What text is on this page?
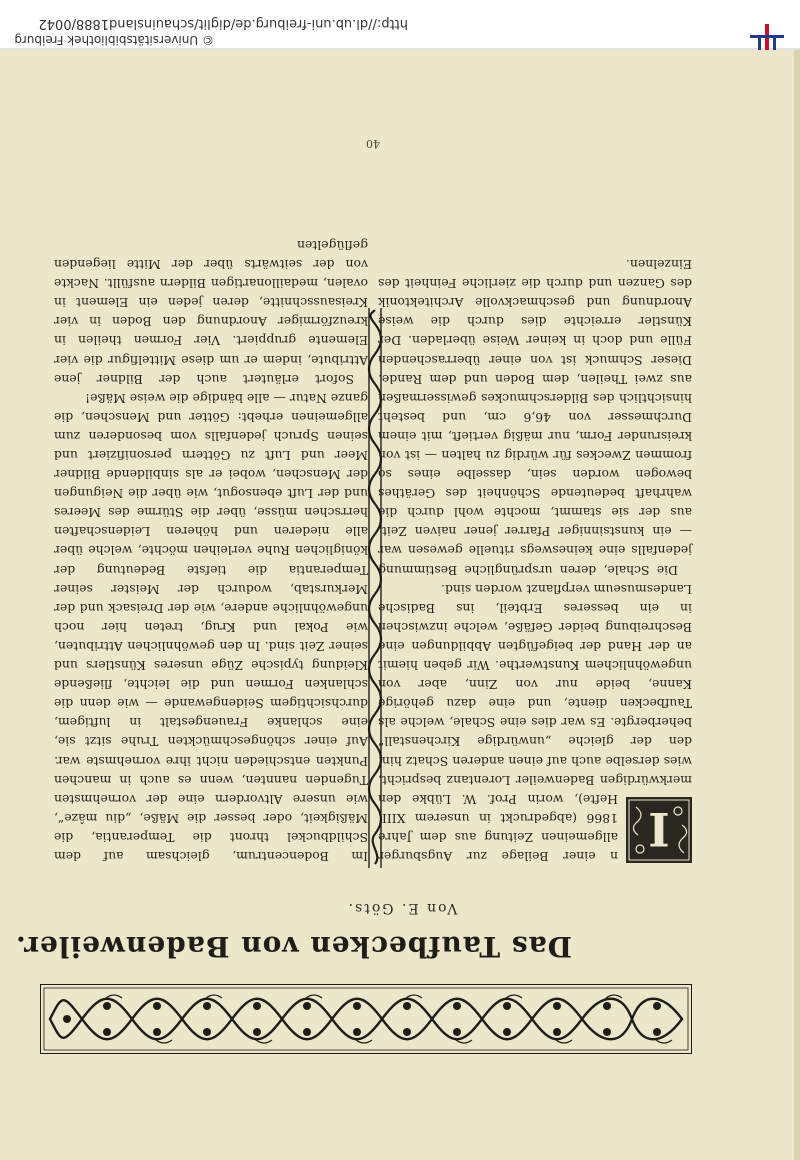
Das Taufbecken von Badenweiler.
Von E. Göts.
I

n einer Beilage zur Augsburger allgemeinen Zeitung aus dem Jahre 1866 (abgedruckt in unserem XIII. Hefte), worin Prof. W. Lübke den merkwürdigen Badenweiler Lorentanz bespricht, wies derselbe auch auf einen anderen Schatz hin, den der gleiche „unwürdige Kirchenstall“ beherbergte. Es war dies eine Schale, welche als Taufbecken diente, und eine dazu gehörige Kanne, beide nur von Zinn, aber von ungewöhnlichem Kunstwerthe. Wir geben hiemit an der Hand der beigefügten Abbildungen eine Beschreibung beider Gefäße, welche inzwischen in ein besseres Erbteil, ins Badische Landesmuseum verpflanzt worden sind.

Die Schale, deren ursprüngliche Bestimmung jedenfalls eine keineswegs rituelle gewesen war — ein kunstsinniger Pfarrer jener naiven Zeit, aus der sie stammt, mochte wohl durch die wahrhaft bedeutende Schönheit des Geräthes bewogen worden sein, dasselbe eines so frommen Zweckes für würdig zu halten — ist von kreisrunder Form, nur mäßig vertieft, mit einem Durchmesser von 46,6 cm, und besteht hinsichtlich des Bilderschmuckes gewissermaßen aus zwei Theilen, dem Boden und dem Rande. Dieser Schmuck ist von einer überraschenden Fülle und doch in keiner Weise überladen. Der Künstler erreichte dies durch die weise Anordnung und geschmackvolle Architektonik des Ganzen und durch die zierliche Feinheit des Einzelnen.

Im Bodencentrum, gleichsam auf dem Schildbuckel thront die Temperantia, die Mäßigkeit, oder besser die Mäße, „diu mâze“, wie unsere Altvordern eine der vornehmsten Tugenden nannten, wenn es auch in manchen Punkten entschieden nicht ihre vornehmste war. Auf einer schöngeschmückten Truhe sitzt sie, eine schlanke Frauengestalt in luftigem, durchsichtigem Seidengewande — wie denn die schlanken Formen und die leichte, fließende Kleidung typische Züge unseres Künstlers und seiner Zeit sind. In den gewöhnlichen Attributen, wie Pokal und Krug, treten hier noch ungewöhnliche andere, wie der Dreisack und der Merkurstab, wodurch der Meister seiner Temperantia die tiefste Bedeutung der königlichen Ruhe verleihen möchte, welche über alle niederen und höheren Leidenschaften herrschen müsse, über die Stürme des Meeres und der Luft ebensogut, wie über die Neigungen der Menschen, wobei er als sinbildende Bildner Meer und Luft zu Göttern personifiziert und seinen Spruch jedenfalls vom besonderen zum allgemeinen erhebt: Götter und Menschen, die ganze Natur — alle bändige die weise Mäße!

Sofort erläutert auch der Bildner jene Attribute, indem er um diese Mittelfigur die vier Elemente gruppiert. Vier Formen theilen in kreuzförmiger Anordnung den Boden in vier Kreisausschnitte, deren jeden ein Element in ovalen, medaillonartigen Bildern ausfüllt. Nackte von der seitwärts über der Mitte liegenden geflügelten

40
© Universitätsbibliothek Freiburg
http://dl.ub.uni-freiburg.de/diglit/schauinsland1888/0042
